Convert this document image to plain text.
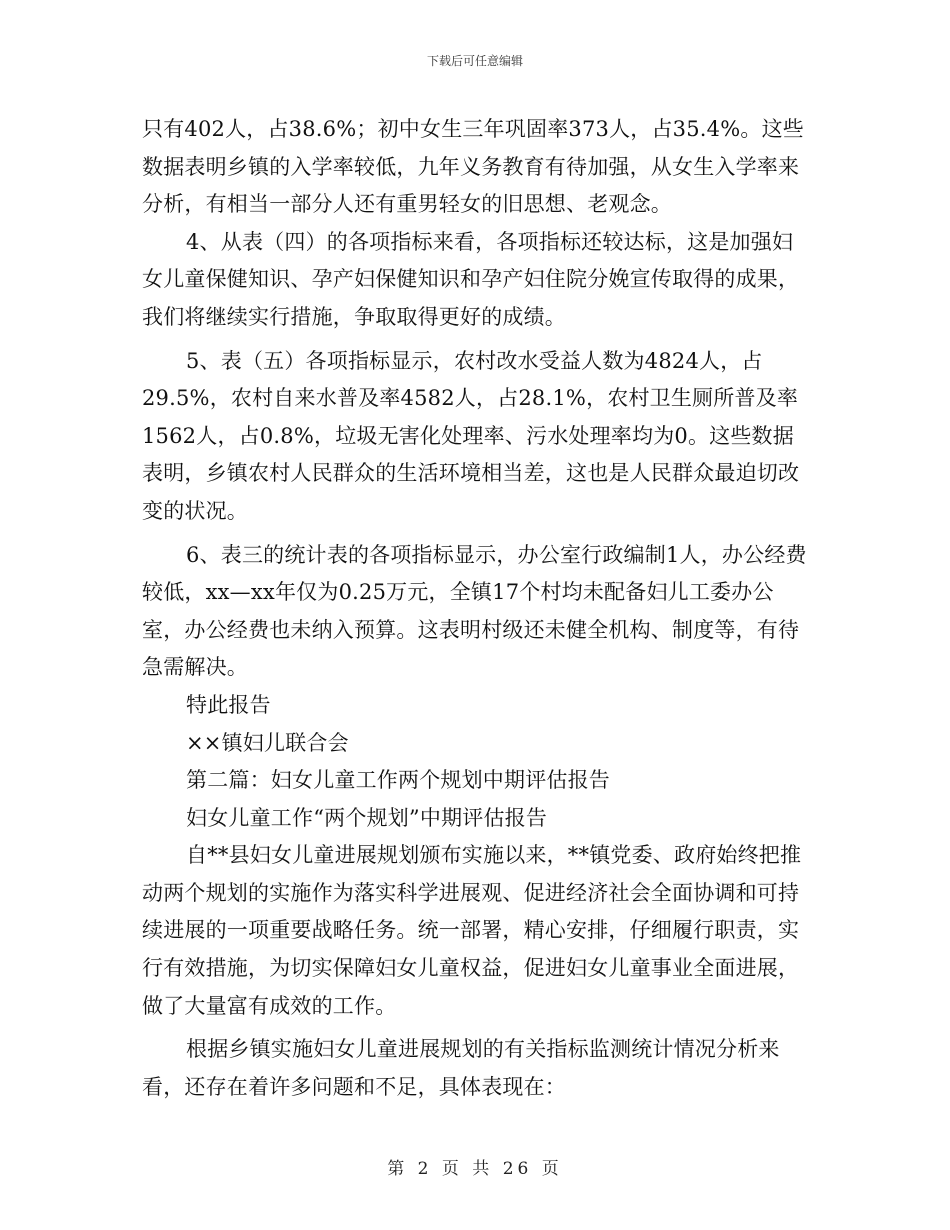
下载后可任意编辑

只有402人，占38.6%；初中女生三年巩固率373人，占35.4%。这些数据表明乡镇的入学率较低，九年义务教育有待加强，从女生入学率来分析，有相当一部分人还有重男轻女的旧思想、老观念。

4、从表（四）的各项指标来看，各项指标还较达标，这是加强妇女儿童保健知识、孕产妇保健知识和孕产妇住院分娩宣传取得的成果，我们将继续实行措施，争取取得更好的成绩。

5、表（五）各项指标显示，农村改水受益人数为4824人，占29.5%，农村自来水普及率4582人，占28.1%，农村卫生厕所普及率1562人，占0.8%，垃圾无害化处理率、污水处理率均为0。这些数据表明，乡镇农村人民群众的生活环境相当差，这也是人民群众最迫切改变的状况。

6、表三的统计表的各项指标显示，办公室行政编制1人，办公经费较低，xx—xx年仅为0.25万元，全镇17个村均未配备妇儿工委办公室，办公经费也未纳入预算。这表明村级还未健全机构、制度等，有待急需解决。

特此报告

××镇妇儿联合会

第二篇：妇女儿童工作两个规划中期评估报告

妇女儿童工作“两个规划”中期评估报告

自**县妇女儿童进展规划颁布实施以来，**镇党委、政府始终把推动两个规划的实施作为落实科学进展观、促进经济社会全面协调和可持续进展的一项重要战略任务。统一部署，精心安排，仔细履行职责，实行有效措施，为切实保障妇女儿童权益，促进妇女儿童事业全面进展，做了大量富有成效的工作。

根据乡镇实施妇女儿童进展规划的有关指标监测统计情况分析来看，还存在着许多问题和不足，具体表现在：

第 2 页 共 26 页
